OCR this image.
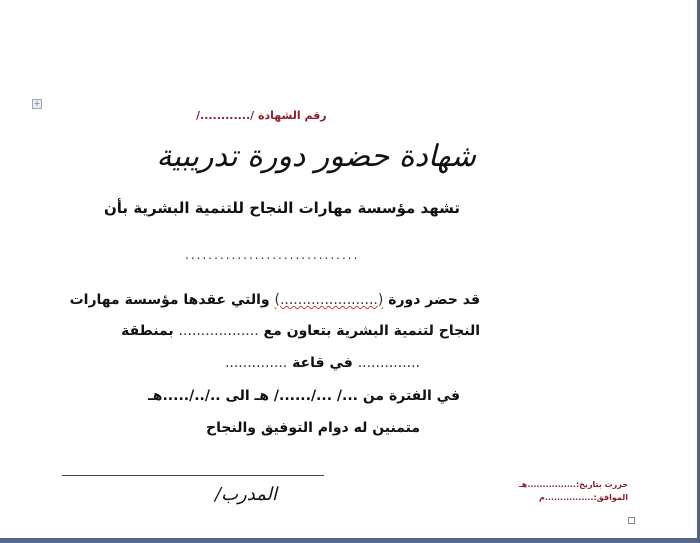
+
رقم الشهادة /............/
شهادة حضور دورة تدريبية
تشهد مؤسسة مهارات النجاح للتنمية البشرية بأن
..............................
قد حضر دورة (......................) والتي عقدها مؤسسة مهارات
النجاح لتنمية البشرية بتعاون مع .................. بمنطقة
.............. في قاعة ..............
في الفترة من .../ .../....../ هـ الى ../../.....هـ
متمنين له دوام التوفيق والنجاح
المدرب/	حررت بتاريخ:................هـ
الموافق:................م
